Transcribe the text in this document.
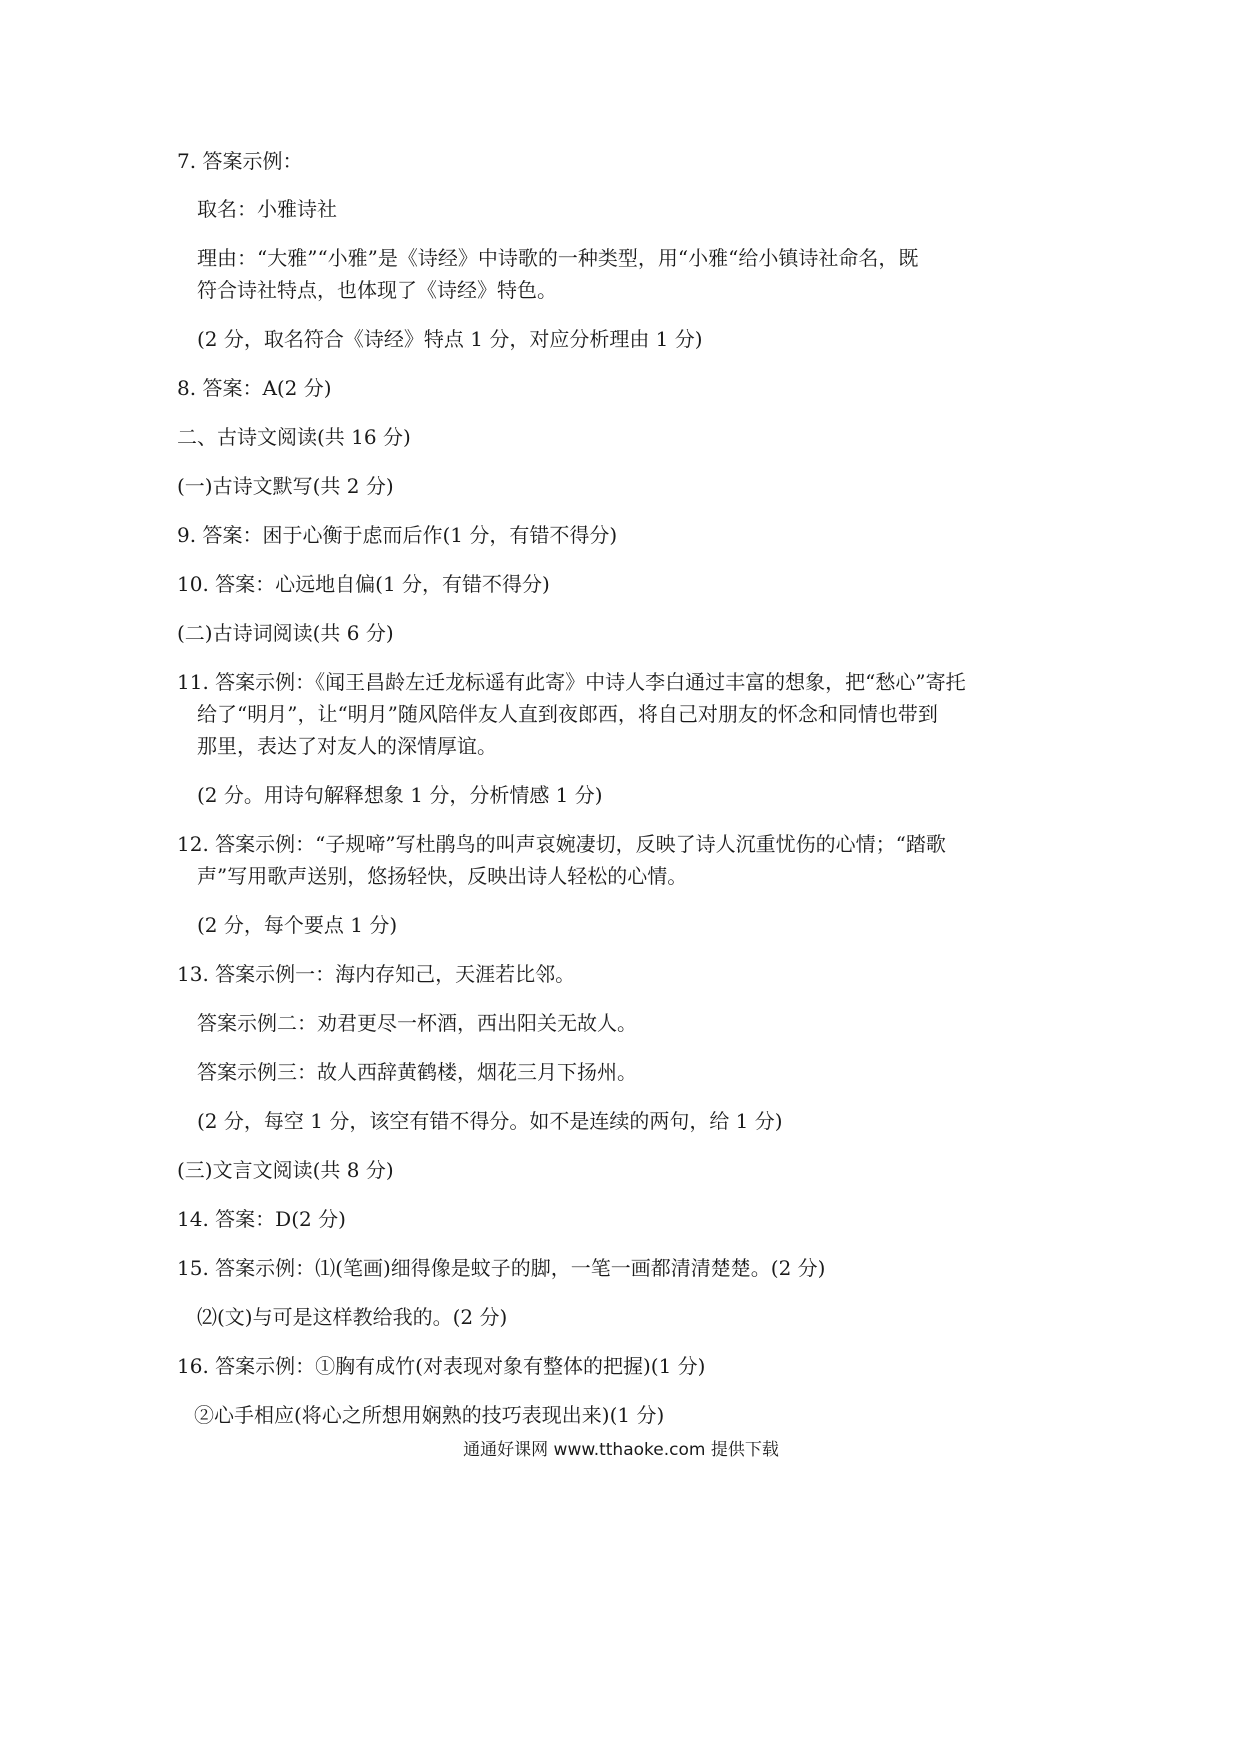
7. 答案示例：
取名：小雅诗社
理由：“大雅”“小雅”是《诗经》中诗歌的一种类型，用“小雅“给小镇诗社命名，既
符合诗社特点，也体现了《诗经》特色。
(2 分，取名符合《诗经》特点 1 分，对应分析理由 1 分)
8. 答案：A(2 分)
二、古诗文阅读(共 16 分)
(一)古诗文默写(共 2 分)
9. 答案：困于心衡于虑而后作(1 分，有错不得分)
10. 答案：心远地自偏(1 分，有错不得分)
(二)古诗词阅读(共 6 分)
11. 答案示例：《闻王昌龄左迁龙标遥有此寄》中诗人李白通过丰富的想象，把“愁心”寄托
给了“明月”，让“明月”随风陪伴友人直到夜郎西，将自己对朋友的怀念和同情也带到
那里，表达了对友人的深情厚谊。
(2 分。用诗句解释想象 1 分，分析情感 1 分)
12. 答案示例：“子规啼”写杜鹃鸟的叫声哀婉凄切，反映了诗人沉重忧伤的心情；“踏歌
声”写用歌声送别，悠扬轻快，反映出诗人轻松的心情。
(2 分，每个要点 1 分)
13. 答案示例一：海内存知己，天涯若比邻。
答案示例二：劝君更尽一杯酒，西出阳关无故人。
答案示例三：故人西辞黄鹤楼，烟花三月下扬州。
(2 分，每空 1 分，该空有错不得分。如不是连续的两句，给 1 分)
(三)文言文阅读(共 8 分)
14. 答案：D(2 分)
15. 答案示例：⑴(笔画)细得像是蚊子的脚，一笔一画都清清楚楚。(2 分)
⑵(文)与可是这样教给我的。(2 分)
16. 答案示例：①胸有成竹(对表现对象有整体的把握)(1 分)
②心手相应(将心之所想用娴熟的技巧表现出来)(1 分)
通通好课网 www.tthaoke.com 提供下载
